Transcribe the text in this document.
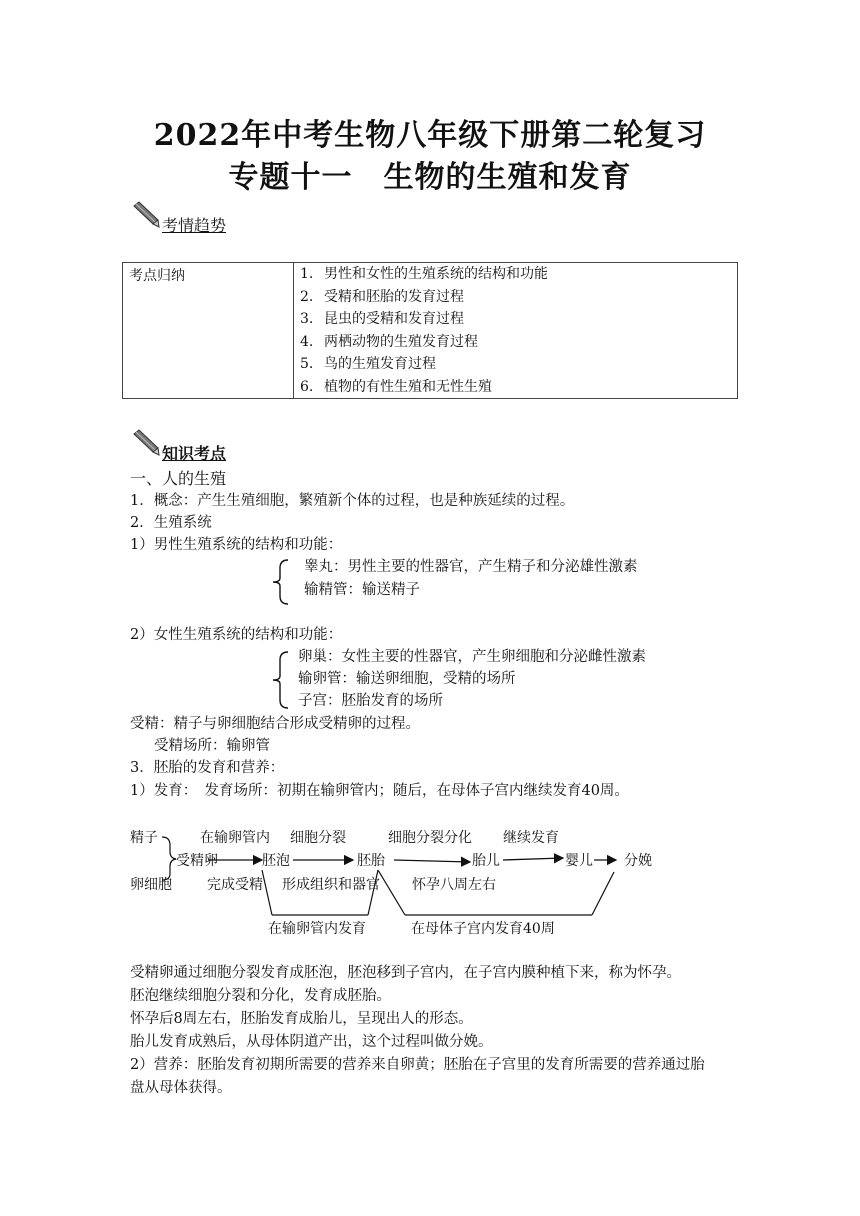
2022年中考生物八年级下册第二轮复习
专题十一　生物的生殖和发育
考情趋势
考点归纳	1. 男性和女性的生殖系统的结构和功能
2. 受精和胚胎的发育过程
3. 昆虫的受精和发育过程
4. 两栖动物的生殖发育过程
5. 鸟的生殖发育过程
6. 植物的有性生殖和无性生殖
知识考点
一、人的生殖
1．概念：产生生殖细胞，繁殖新个体的过程，也是种族延续的过程。
2．生殖系统
1）男性生殖系统的结构和功能：
睾丸：男性主要的性器官，产生精子和分泌雄性激素
输精管：输送精子
2）女性生殖系统的结构和功能：
卵巢：女性主要的性器官，产生卵细胞和分泌雌性激素
输卵管：输送卵细胞，受精的场所
子宫：胚胎发育的场所
受精：精子与卵细胞结合形成受精卵的过程。
受精场所：输卵管
3．胚胎的发育和营养：
1）发育：　发育场所：初期在输卵管内；随后，在母体子宫内继续发育40周。
精子
卵细胞
受精卵	胚泡	胚胎	胎儿	婴儿 分娩
在输卵管内 细胞分裂	细胞分裂分化 继续发育
完成受精 形成组织和器官 怀孕八周左右
在输卵管内发育	在母体子宫内发育40周
受精卵通过细胞分裂发育成胚泡，胚泡移到子宫内，在子宫内膜种植下来，称为怀孕。
胚泡继续细胞分裂和分化，发育成胚胎。
怀孕后8周左右，胚胎发育成胎儿，呈现出人的形态。
胎儿发育成熟后，从母体阴道产出，这个过程叫做分娩。
2）营养：胚胎发育初期所需要的营养来自卵黄；胚胎在子宫里的发育所需要的营养通过胎
盘从母体获得。
